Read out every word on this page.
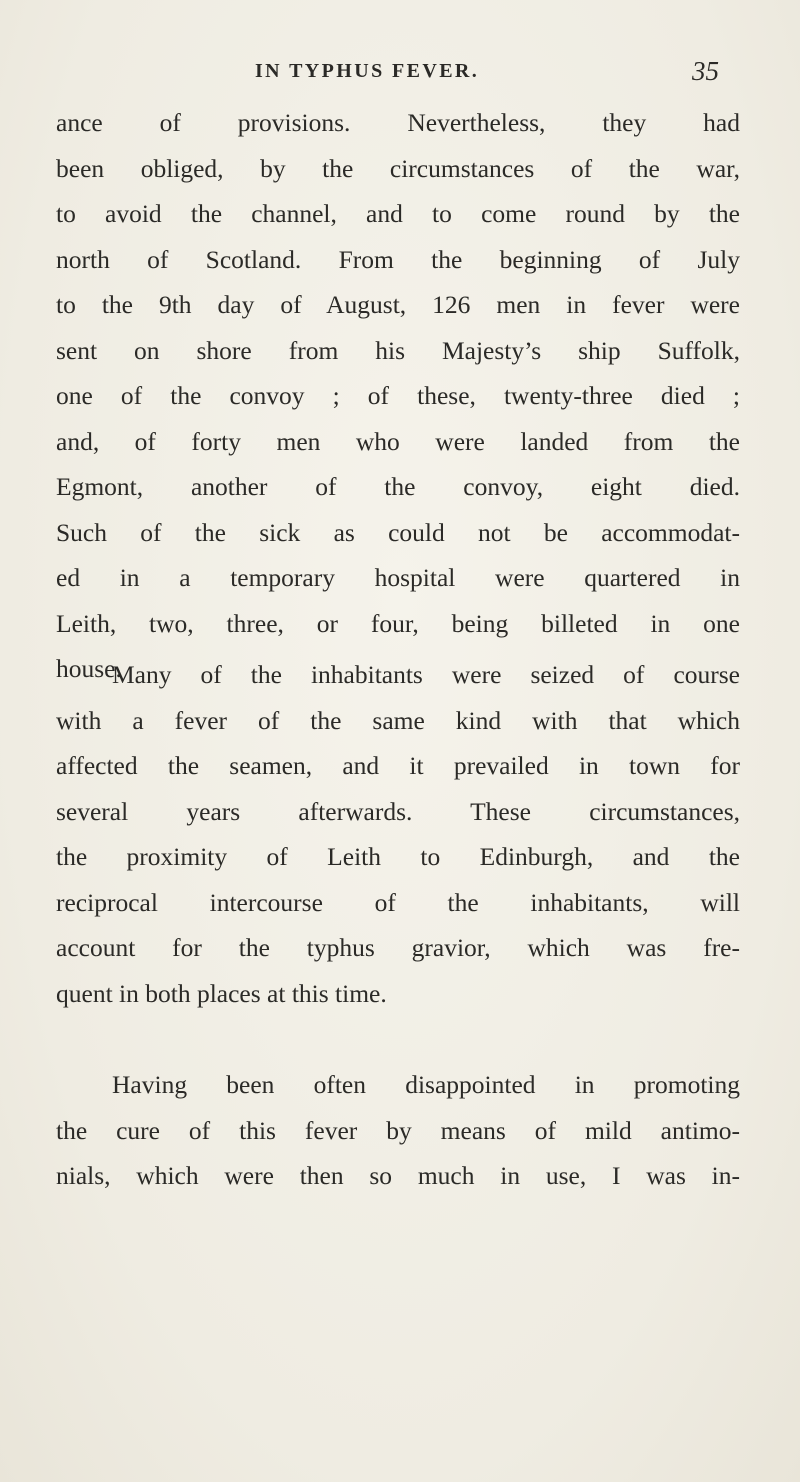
IN TYPHUS FEVER.	35
ance of provisions. Nevertheless, they had
been obliged, by the circumstances of the war,
to avoid the channel, and to come round by the
north of Scotland. From the beginning of July
to the 9th day of August, 126 men in fever were
sent on shore from his Majesty’s ship Suffolk,
one of the convoy ; of these, twenty-three died ;
and, of forty men who were landed from the
Egmont, another of the convoy, eight died.
Such of the sick as could not be accommodat-
ed in a temporary hospital were quartered in
Leith, two, three, or four, being billeted in one
house.
Many of the inhabitants were seized of course
with a fever of the same kind with that which
affected the seamen, and it prevailed in town for
several years afterwards. These circumstances,
the proximity of Leith to Edinburgh, and the
reciprocal intercourse of the inhabitants, will
account for the typhus gravior, which was fre-
quent in both places at this time.
Having been often disappointed in promoting
the cure of this fever by means of mild antimo-
nials, which were then so much in use, I was in-
